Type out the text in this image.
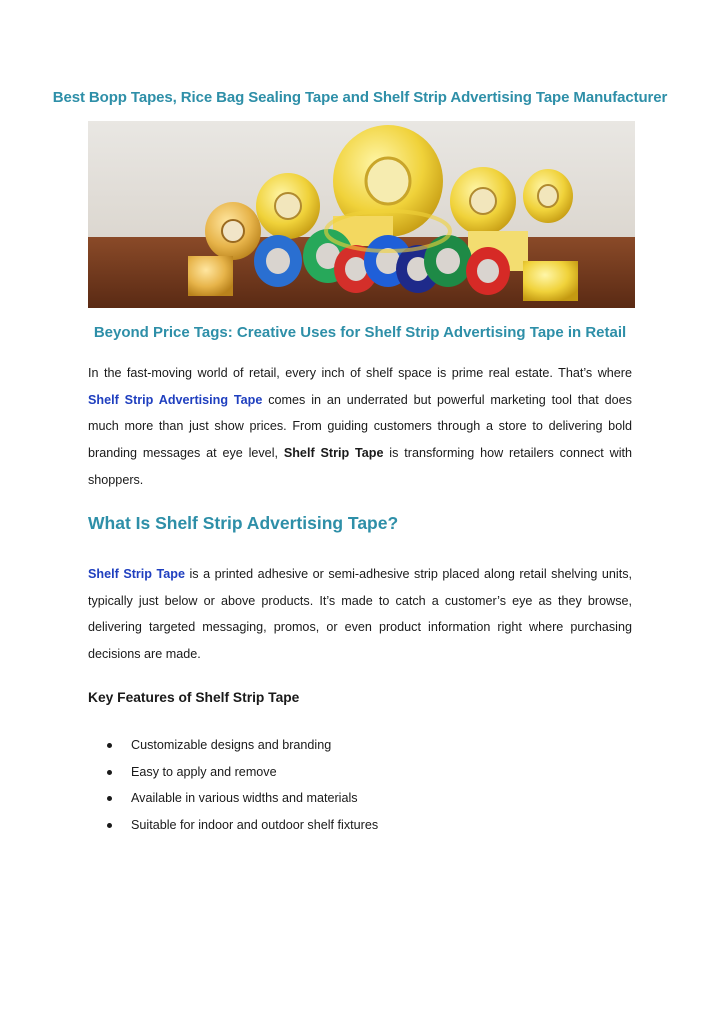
Best Bopp Tapes, Rice Bag Sealing Tape and Shelf Strip Advertising Tape Manufacturer
Beyond Price Tags: Creative Uses for Shelf Strip Advertising Tape in Retail
In the fast-moving world of retail, every inch of shelf space is prime real estate. That’s where Shelf Strip Advertising Tape comes in an underrated but powerful marketing tool that does much more than just show prices. From guiding customers through a store to delivering bold branding messages at eye level, Shelf Strip Tape is transforming how retailers connect with shoppers.
What Is Shelf Strip Advertising Tape?
Shelf Strip Tape is a printed adhesive or semi-adhesive strip placed along retail shelving units, typically just below or above products. It’s made to catch a customer’s eye as they browse, delivering targeted messaging, promos, or even product information right where purchasing decisions are made.
Key Features of Shelf Strip Tape
Customizable designs and branding
Easy to apply and remove
Available in various widths and materials
Suitable for indoor and outdoor shelf fixtures
